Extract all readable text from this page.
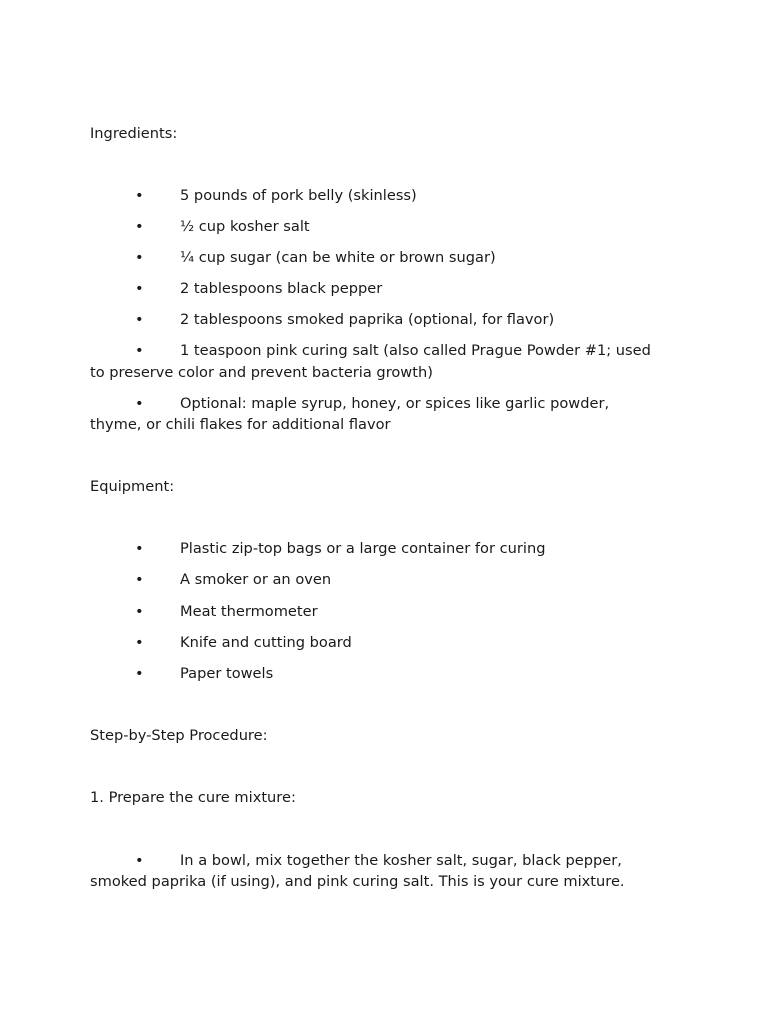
Ingredients:
• 5 pounds of pork belly (skinless)
• ½ cup kosher salt
• ¼ cup sugar (can be white or brown sugar)
• 2 tablespoons black pepper
• 2 tablespoons smoked paprika (optional, for flavor)
• 1 teaspoon pink curing salt (also called Prague Powder #1; used
to preserve color and prevent bacteria growth)
• Optional: maple syrup, honey, or spices like garlic powder,
thyme, or chili flakes for additional flavor
Equipment:
• Plastic zip-top bags or a large container for curing
• A smoker or an oven
• Meat thermometer
• Knife and cutting board
• Paper towels
Step-by-Step Procedure:
1. Prepare the cure mixture:
• In a bowl, mix together the kosher salt, sugar, black pepper,
smoked paprika (if using), and pink curing salt. This is your cure mixture.
